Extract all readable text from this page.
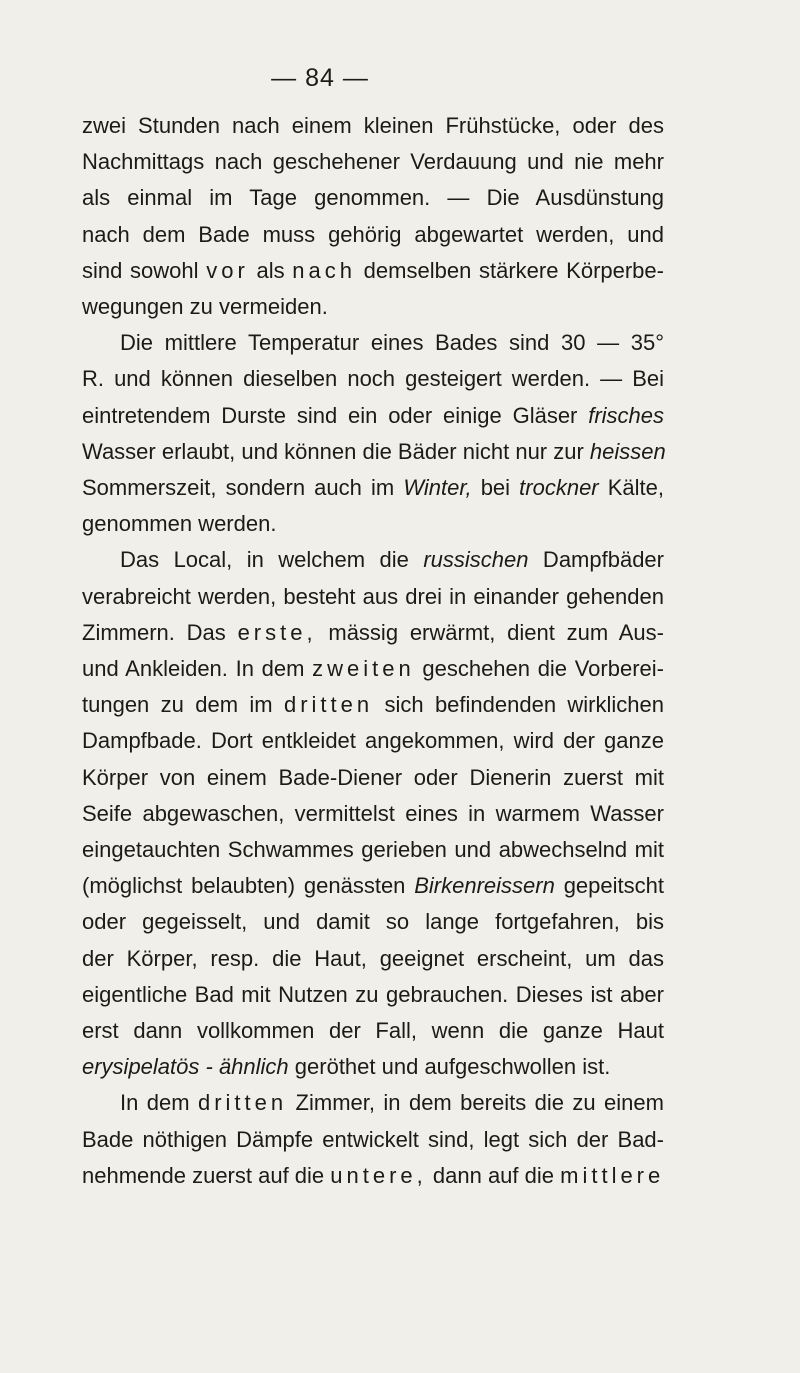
— 84 —
zwei Stunden nach einem kleinen Frühstücke, oder des
Nachmittags nach geschehener Verdauung und nie mehr
als einmal im Tage genommen. — Die Ausdünstung
nach dem Bade muss gehörig abgewartet werden, und
sind sowohl vor als nach demselben stärkere Körperbe-
wegungen zu vermeiden.
Die mittlere Temperatur eines Bades sind 30 — 35°
R. und können dieselben noch gesteigert werden. — Bei
eintretendem Durste sind ein oder einige Gläser frisches
Wasser erlaubt, und können die Bäder nicht nur zur heissen
Sommerszeit, sondern auch im Winter, bei trockner Kälte,
genommen werden.
Das Local, in welchem die russischen Dampfbäder
verabreicht werden, besteht aus drei in einander gehenden
Zimmern. Das erste, mässig erwärmt, dient zum Aus-
und Ankleiden. In dem zweiten geschehen die Vorberei-
tungen zu dem im dritten sich befindenden wirklichen
Dampfbade. Dort entkleidet angekommen, wird der ganze
Körper von einem Bade-Diener oder Dienerin zuerst mit
Seife abgewaschen, vermittelst eines in warmem Wasser
eingetauchten Schwammes gerieben und abwechselnd mit
(möglichst belaubten) genässten Birkenreissern gepeitscht
oder gegeisselt, und damit so lange fortgefahren, bis
der Körper, resp. die Haut, geeignet erscheint, um das
eigentliche Bad mit Nutzen zu gebrauchen. Dieses ist aber
erst dann vollkommen der Fall, wenn die ganze Haut
erysipelatös - ähnlich geröthet und aufgeschwollen ist.
In dem dritten Zimmer, in dem bereits die zu einem
Bade nöthigen Dämpfe entwickelt sind, legt sich der Bad-
nehmende zuerst auf die untere, dann auf die mittlere
